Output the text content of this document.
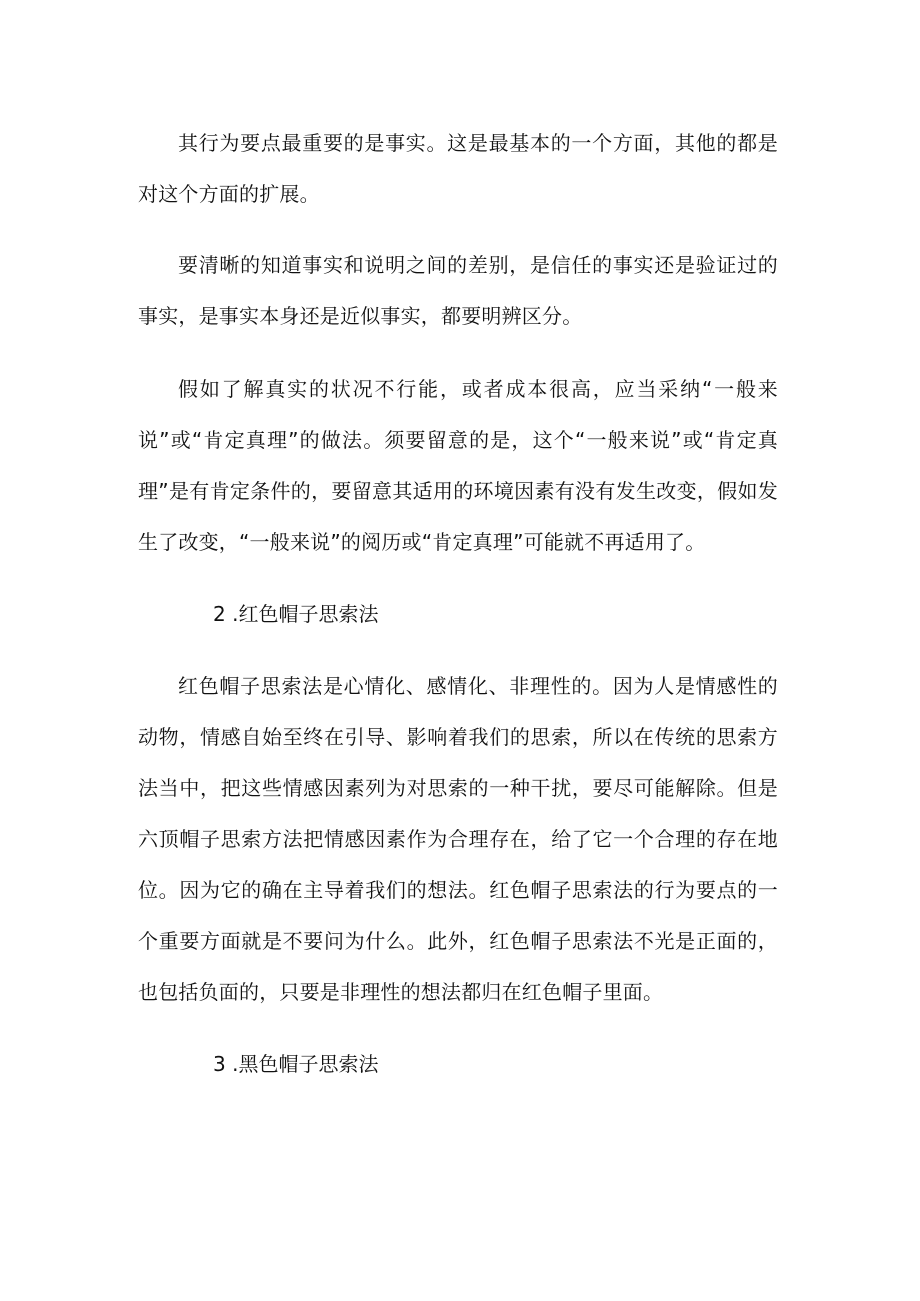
其行为要点最重要的是事实。这是最基本的一个方面，其他的都是对这个方面的扩展。

要清晰的知道事实和说明之间的差别，是信任的事实还是验证过的事实，是事实本身还是近似事实，都要明辨区分。

假如了解真实的状况不行能，或者成本很高，应当采纳“一般来说”或“肯定真理”的做法。须要留意的是，这个“一般来说”或“肯定真理”是有肯定条件的，要留意其适用的环境因素有没有发生改变，假如发生了改变，“一般来说”的阅历或“肯定真理”可能就不再适用了。

2 .红色帽子思索法

红色帽子思索法是心情化、感情化、非理性的。因为人是情感性的动物，情感自始至终在引导、影响着我们的思索，所以在传统的思索方法当中，把这些情感因素列为对思索的一种干扰，要尽可能解除。但是六顶帽子思索方法把情感因素作为合理存在，给了它一个合理的存在地位。因为它的确在主导着我们的想法。红色帽子思索法的行为要点的一个重要方面就是不要问为什么。此外，红色帽子思索法不光是正面的，也包括负面的，只要是非理性的想法都归在红色帽子里面。

3 .黑色帽子思索法
